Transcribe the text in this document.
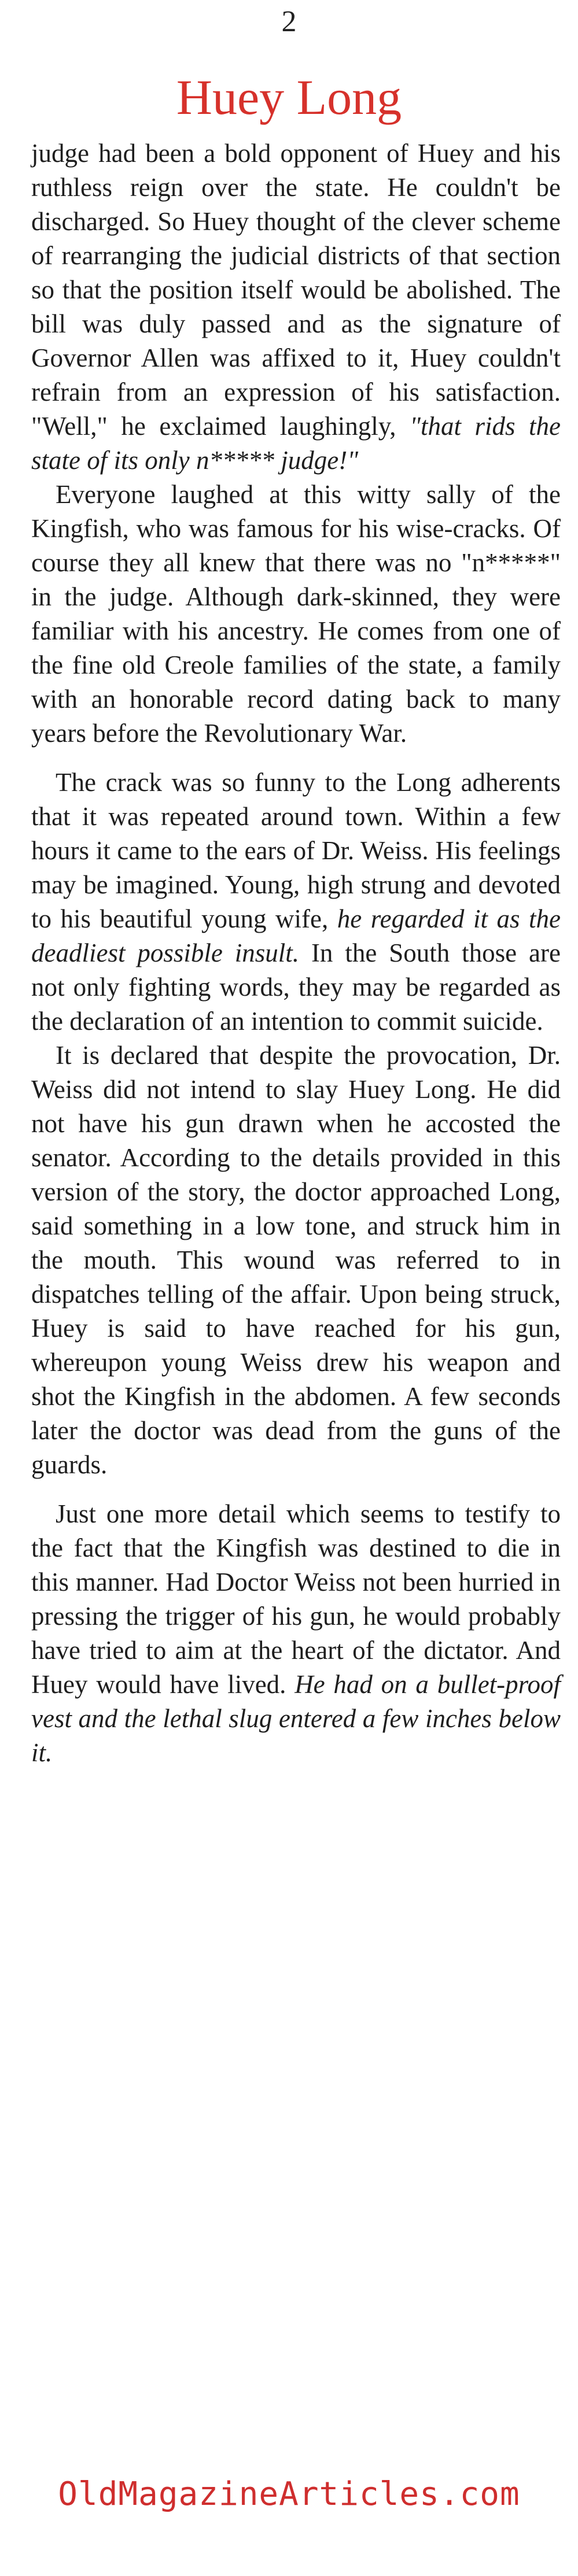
2
Huey Long

judge had been a bold opponent of Huey and his ruthless reign over the state. He couldn't be discharged. So Huey thought of the clever scheme of rearranging the judicial districts of that section so that the position itself would be abolished. The bill was duly passed and as the signature of Governor Allen was affixed to it, Huey couldn't refrain from an expression of his satisfaction. "Well," he exclaimed laughingly, "that rids the state of its only n***** judge!"

Everyone laughed at this witty sally of the Kingfish, who was famous for his wise-cracks. Of course they all knew that there was no "n*****" in the judge. Although dark-skinned, they were familiar with his ancestry. He comes from one of the fine old Creole families of the state, a family with an honorable record dating back to many years before the Revolutionary War.

The crack was so funny to the Long adherents that it was repeated around town. Within a few hours it came to the ears of Dr. Weiss. His feelings may be imagined. Young, high strung and devoted to his beautiful young wife, he regarded it as the deadliest possible insult. In the South those are not only fighting words, they may be regarded as the declaration of an intention to commit suicide.

It is declared that despite the provocation, Dr. Weiss did not intend to slay Huey Long. He did not have his gun drawn when he accosted the senator. According to the details provided in this version of the story, the doctor approached Long, said something in a low tone, and struck him in the mouth. This wound was referred to in dispatches telling of the affair. Upon being struck, Huey is said to have reached for his gun, whereupon young Weiss drew his weapon and shot the Kingfish in the abdomen. A few seconds later the doctor was dead from the guns of the guards.

Just one more detail which seems to testify to the fact that the Kingfish was destined to die in this manner. Had Doctor Weiss not been hurried in pressing the trigger of his gun, he would probably have tried to aim at the heart of the dictator. And Huey would have lived. He had on a bullet-proof vest and the lethal slug entered a few inches below it.

OldMagazineArticles.com
